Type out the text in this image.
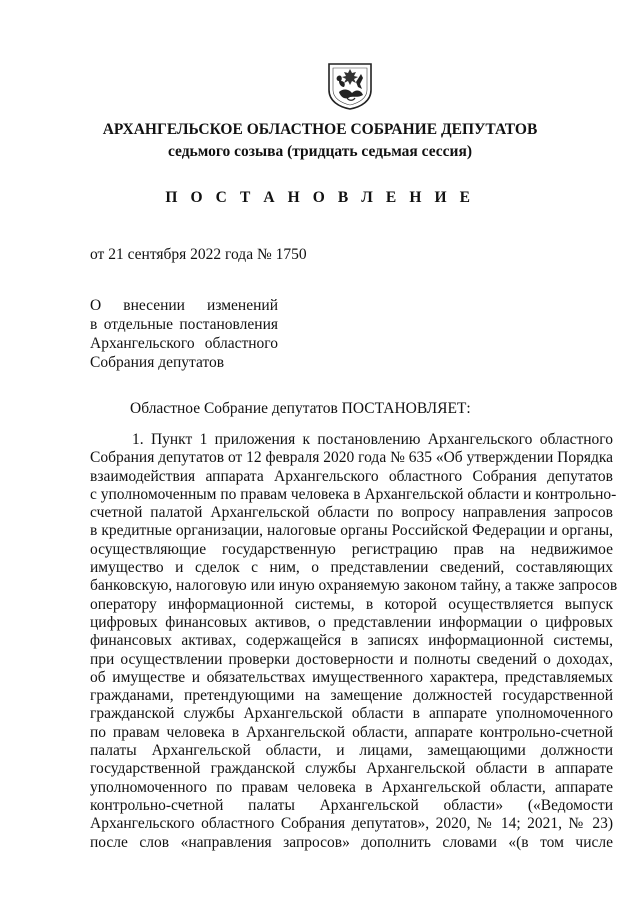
АРХАНГЕЛЬСКОЕ ОБЛАСТНОЕ СОБРАНИЕ ДЕПУТАТОВ
седьмого созыва (тридцать седьмая сессия)
П О С Т А Н О В Л Е Н И Е
от 21 сентября 2022 года № 1750
О внесении изменений
в отдельные постановления
Архангельского областного
Собрания депутатов
Областное Собрание депутатов ПОСТАНОВЛЯЕТ:
1. Пункт 1 приложения к постановлению Архангельского областного
Собрания депутатов от 12 февраля 2020 года № 635 «Об утверждении Порядка
взаимодействия аппарата Архангельского областного Собрания депутатов
с уполномоченным по правам человека в Архангельской области и контрольно-
счетной палатой Архангельской области по вопросу направления запросов
в кредитные организации, налоговые органы Российской Федерации и органы,
осуществляющие государственную регистрацию прав на недвижимое
имущество и сделок с ним, о представлении сведений, составляющих
банковскую, налоговую или иную охраняемую законом тайну, а также запросов
оператору информационной системы, в которой осуществляется выпуск
цифровых финансовых активов, о представлении информации о цифровых
финансовых активах, содержащейся в записях информационной системы,
при осуществлении проверки достоверности и полноты сведений о доходах,
об имуществе и обязательствах имущественного характера, представляемых
гражданами, претендующими на замещение должностей государственной
гражданской службы Архангельской области в аппарате уполномоченного
по правам человека в Архангельской области, аппарате контрольно-счетной
палаты Архангельской области, и лицами, замещающими должности
государственной гражданской службы Архангельской области в аппарате
уполномоченного по правам человека в Архангельской области, аппарате
контрольно-счетной палаты Архангельской области» («Ведомости
Архангельского областного Собрания депутатов», 2020, № 14; 2021, № 23)
после слов «направления запросов» дополнить словами «(в том числе
